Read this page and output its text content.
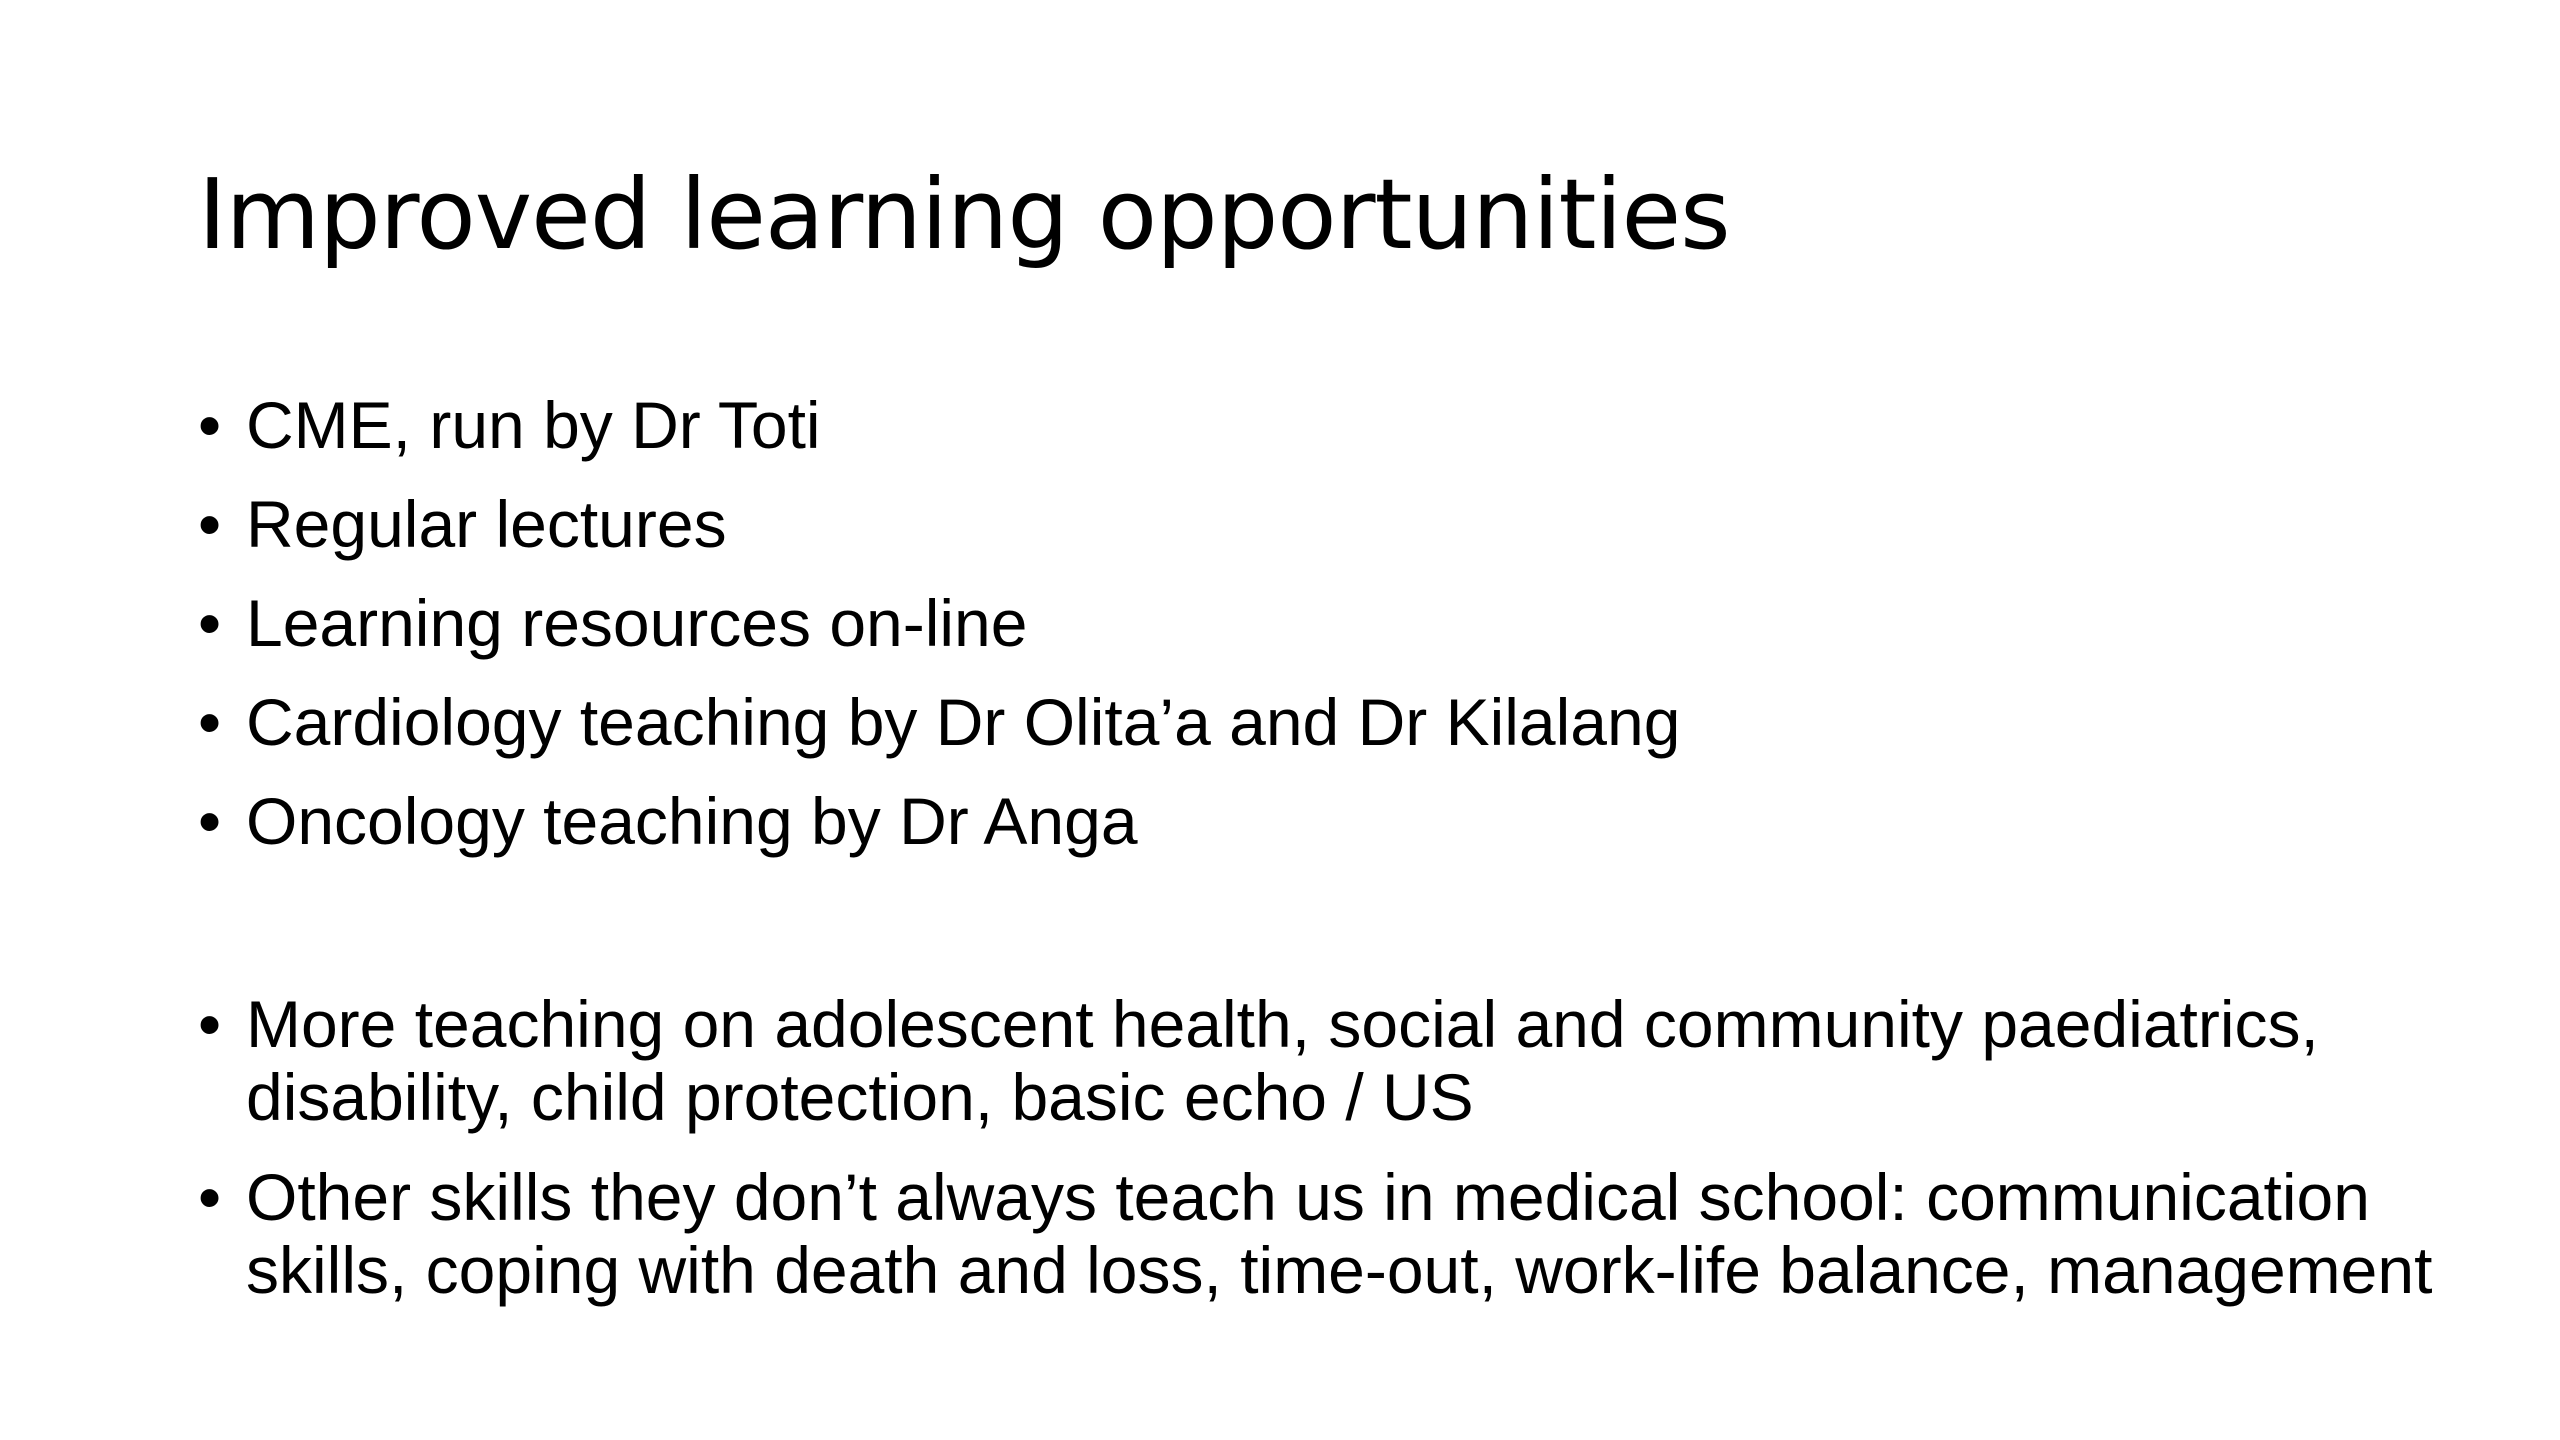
Improved learning opportunities
• CME, run by Dr Toti
• Regular lectures
• Learning resources on-line
• Cardiology teaching by Dr Olita’a and Dr Kilalang
• Oncology teaching by Dr Anga
• More teaching on adolescent health, social and community paediatrics, disability, child protection, basic echo / US
• Other skills they don’t always teach us in medical school: communication skills, coping with death and loss, time-out, work-life balance, management
